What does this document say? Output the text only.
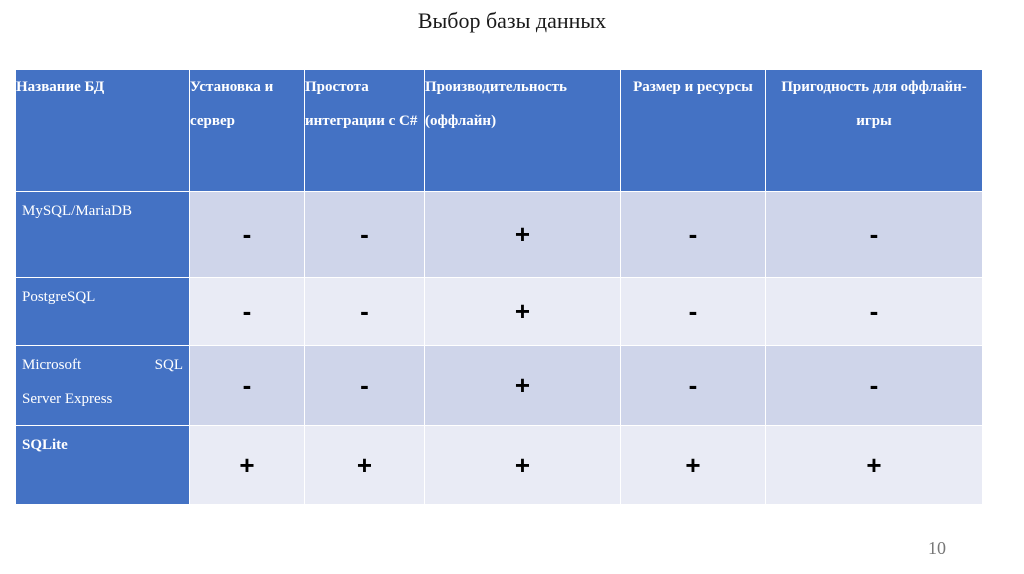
Выбор базы данных
Название БД	Установка и сервер	Простота интеграции с C#	Производительность (оффлайн)	Размер и ресурсы	Пригодность для оффлайн-игры
MySQL/MariaDB	-	-	+	-	-
PostgreSQL	-	-	+	-	-

Microsoft SQL
Server Express	-	-	+	-	-
SQLite	+	+	+	+	+
10
